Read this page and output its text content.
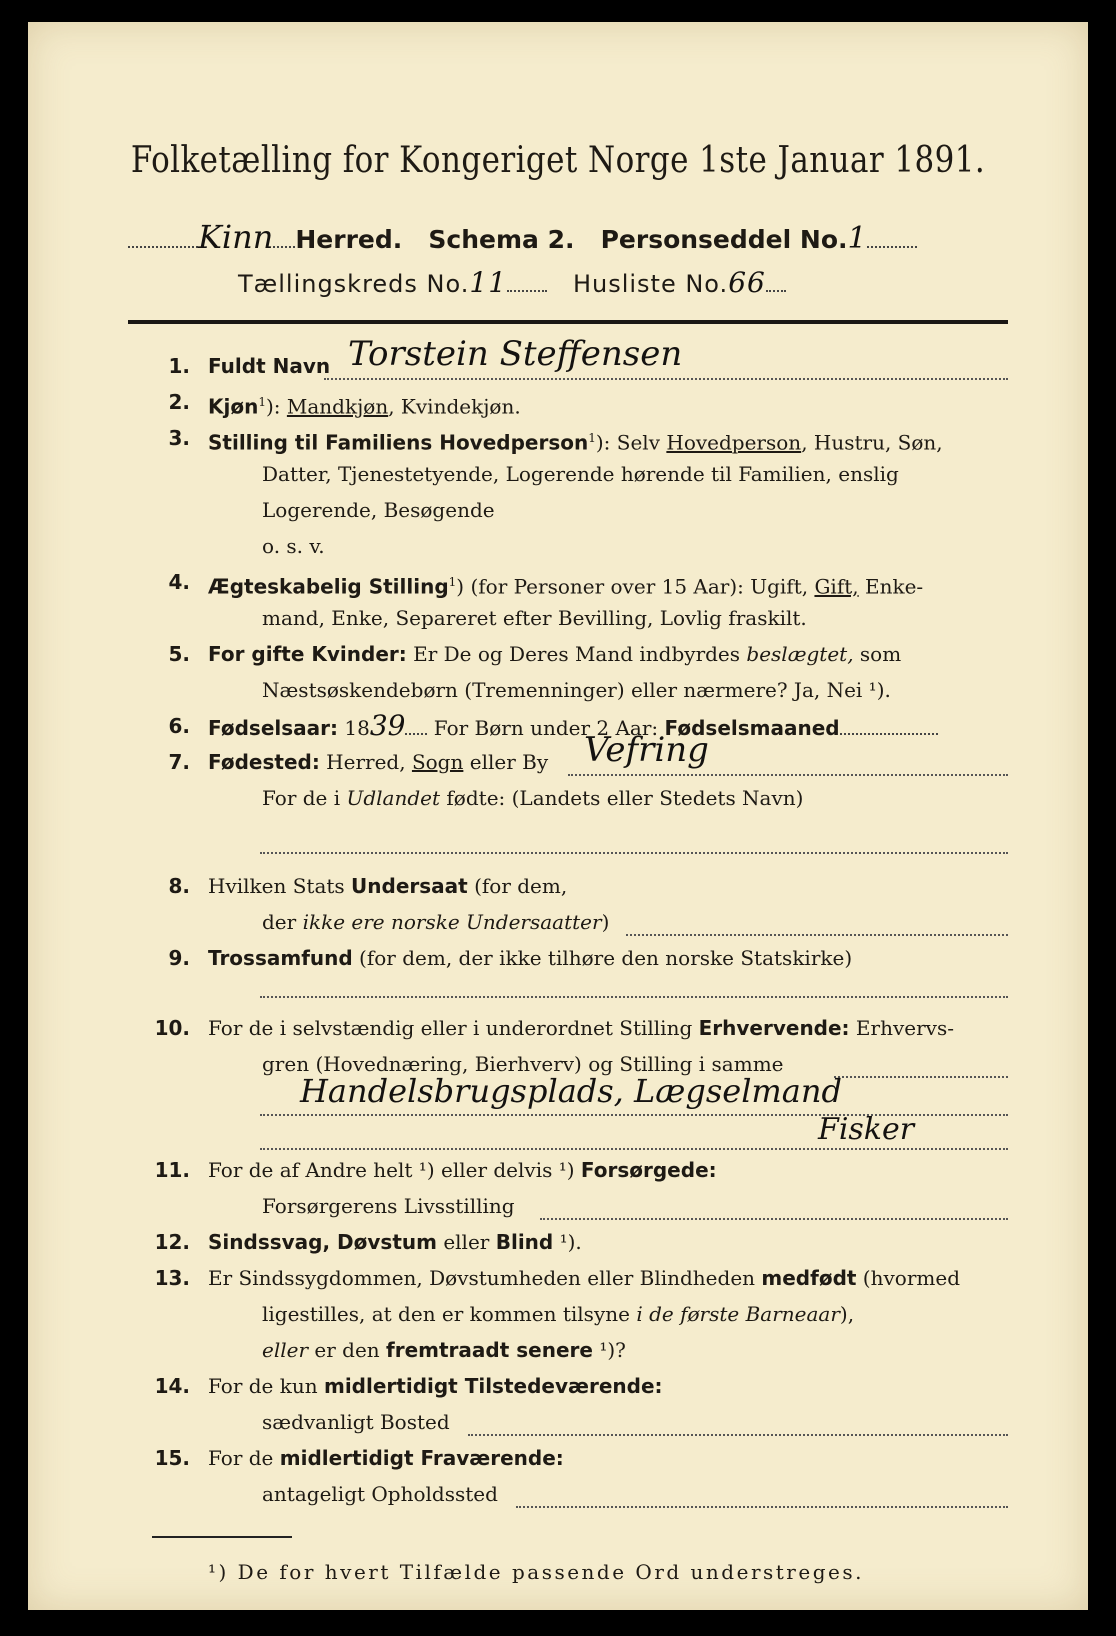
Folketælling for Kongeriget Norge 1ste Januar 1891.
Kinn Herred. Schema 2. Personseddel No.1
Tællingskreds No.11	Husliste No.66
1. Fuldt Navn Torstein Steffensen
2. Kjøn$^1$): Mandkjøn, Kvindekjøn.
3. Stilling til Familiens Hovedperson$^1$): Selv Hovedperson, Hustru, Søn,
Datter, Tjenestetyende, Logerende hørende til Familien, enslig
Logerende, Besøgende
o. s. v.
4. Ægteskabelig Stilling$^1$) (for Personer over 15 Aar): Ugift, Gift, Enke-
mand, Enke, Separeret efter Bevilling, Lovlig fraskilt.
5. For gifte Kvinder: Er De og Deres Mand indbyrdes beslægtet, som
Næstsøskendebørn (Tremenninger) eller nærmere? Ja, Nei ¹).
6. Fødselsaar: 1839 For Børn under 2 Aar: Fødselsmaaned
7. Fødested: Herred, Sogn eller By	Vefring
For de i Udlandet fødte: (Landets eller Stedets Navn)
8. Hvilken Stats Undersaat (for dem,
der ikke ere norske Undersaatter)
9. Trossamfund (for dem, der ikke tilhøre den norske Statskirke)
10. For de i selvstændig eller i underordnet Stilling Erhvervende: Erhvervs-
gren (Hovednæring, Bierhverv) og Stilling i samme
Handelsbrugsplads, Lægselmand
Fisker
11. For de af Andre helt ¹) eller delvis ¹) Forsørgede:
Forsørgerens Livsstilling
12. Sindssvag, Døvstum eller Blind ¹).
13. Er Sindssygdommen, Døvstumheden eller Blindheden medfødt (hvormed
ligestilles, at den er kommen tilsyne i de første Barneaar),
eller er den fremtraadt senere ¹)?
14. For de kun midlertidigt Tilstedeværende:
sædvanligt Bosted
15. For de midlertidigt Fraværende:
antageligt Opholdssted
¹) De for hvert Tilfælde passende Ord understreges.
